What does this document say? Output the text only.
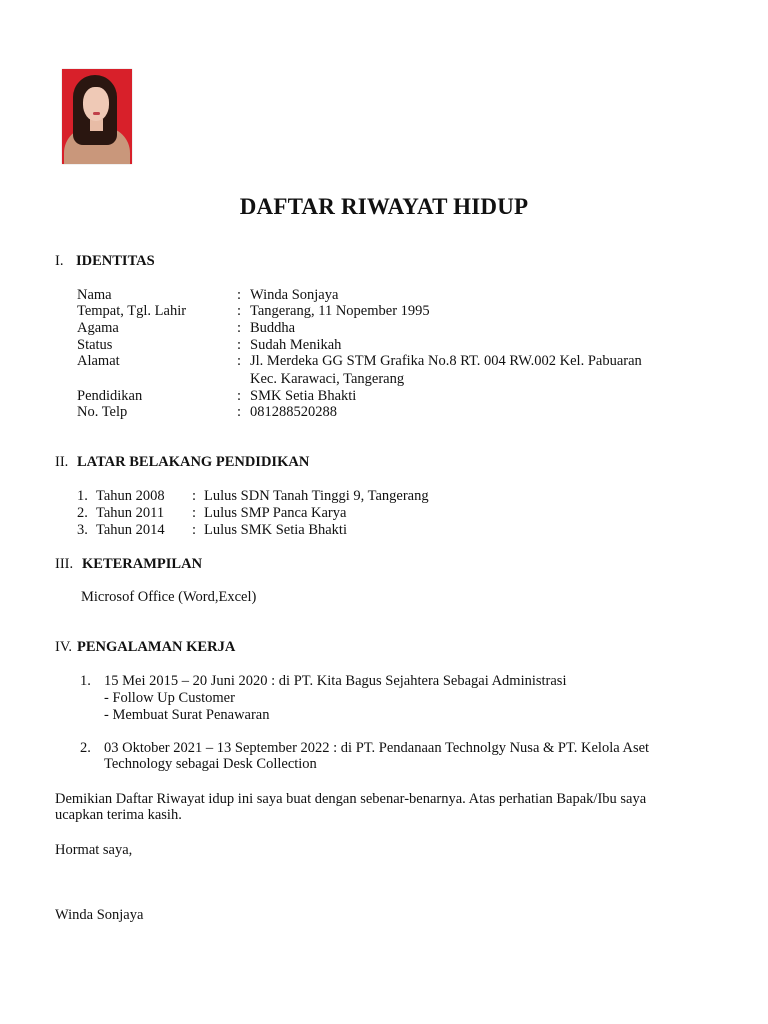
DAFTAR RIWAYAT HIDUP
I. IDENTITAS
Nama	: Winda Sonjaya
Tempat, Tgl. Lahir	: Tangerang, 11 Nopember 1995
Agama	: Buddha
Status	: Sudah Menikah
Alamat	: Jl. Merdeka GG STM Grafika No.8 RT. 004 RW.002 Kel. Pabuaran
Kec. Karawaci, Tangerang
Pendidikan	: SMK Setia Bhakti
No. Telp	: 081288520288
II. LATAR BELAKANG PENDIDIKAN
1. Tahun 2008 : Lulus SDN Tanah Tinggi 9, Tangerang
2. Tahun 2011 : Lulus SMP Panca Karya
3. Tahun 2014 : Lulus SMK Setia Bhakti
III. KETERAMPILAN
Microsof Office (Word,Excel)
IV. PENGALAMAN KERJA
1. 15 Mei 2015 – 20 Juni 2020 : di PT. Kita Bagus Sejahtera Sebagai Administrasi
- Follow Up Customer
- Membuat Surat Penawaran
2. 03 Oktober 2021 – 13 September 2022 : di PT. Pendanaan Technolgy Nusa & PT. Kelola Aset
Technology sebagai Desk Collection
Demikian Daftar Riwayat idup ini saya buat dengan sebenar-benarnya. Atas perhatian Bapak/Ibu saya
ucapkan terima kasih.
Hormat saya,
Winda Sonjaya
